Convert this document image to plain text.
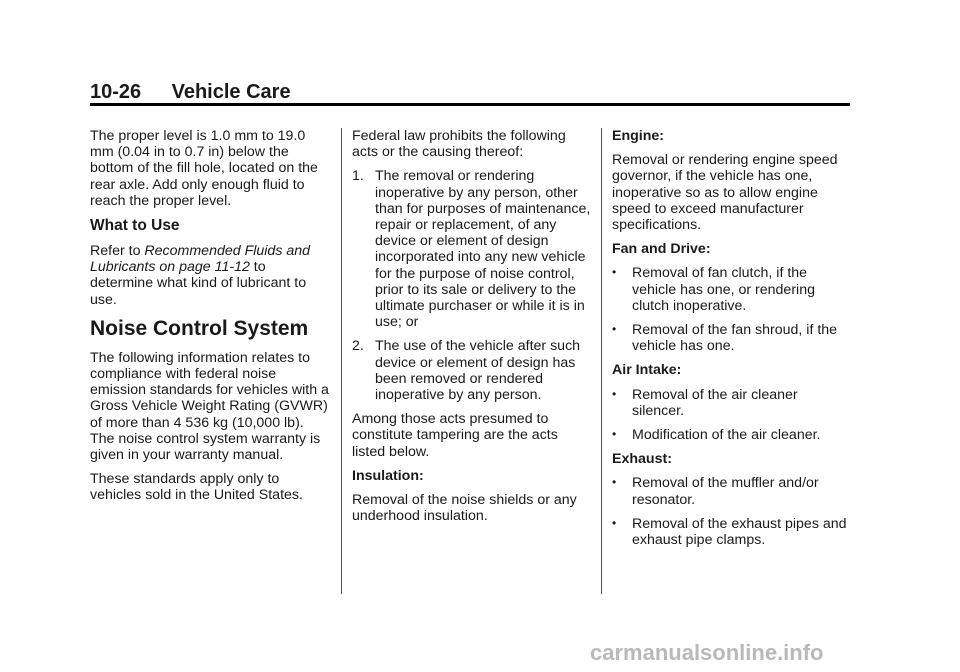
10-26 Vehicle Care

The proper level is 1.0 mm to 19.0 mm (0.04 in to 0.7 in) below the bottom of the fill hole, located on the rear axle. Add only enough fluid to reach the proper level.

What to Use

Refer to Recommended Fluids and Lubricants on page 11-12 to determine what kind of lubricant to use.

Noise Control System

The following information relates to compliance with federal noise emission standards for vehicles with a Gross Vehicle Weight Rating (GVWR) of more than 4 536 kg (10,000 lb). The noise control system warranty is given in your warranty manual.

These standards apply only to vehicles sold in the United States.

Federal law prohibits the following acts or the causing thereof:

1. The removal or rendering inoperative by any person, other than for purposes of maintenance, repair or replacement, of any device or element of design incorporated into any new vehicle for the purpose of noise control, prior to its sale or delivery to the ultimate purchaser or while it is in use; or
2. The use of the vehicle after such device or element of design has been removed or rendered inoperative by any person.

Among those acts presumed to constitute tampering are the acts listed below.

Insulation:

Removal of the noise shields or any underhood insulation.

Engine:

Removal or rendering engine speed governor, if the vehicle has one, inoperative so as to allow engine speed to exceed manufacturer specifications.

Fan and Drive:

• Removal of fan clutch, if the vehicle has one, or rendering clutch inoperative.
• Removal of the fan shroud, if the vehicle has one.

Air Intake:

• Removal of the air cleaner silencer.
• Modification of the air cleaner.

Exhaust:

• Removal of the muffler and/or resonator.
• Removal of the exhaust pipes and exhaust pipe clamps.
carmanualsonline.info
